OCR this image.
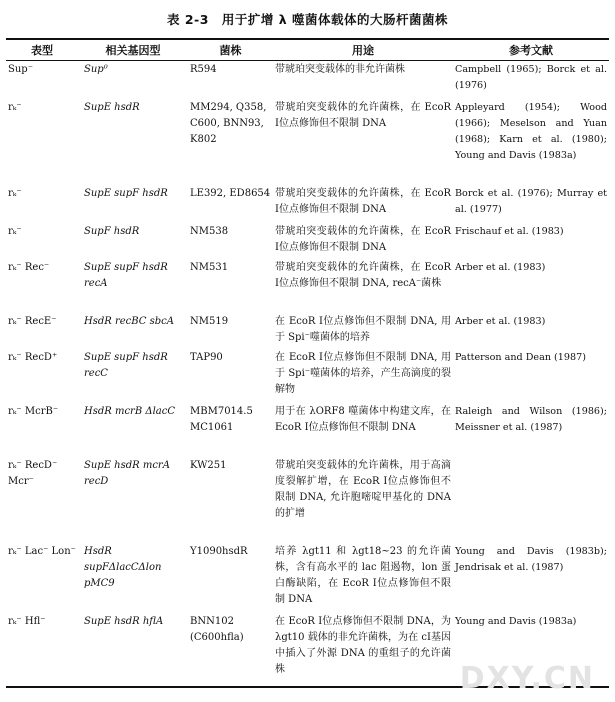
表 2-3　用于扩增 λ 噬菌体载体的大肠杆菌菌株
表型	相关基因型	菌株	用途	参考文献
Sup⁻	Sup⁰	R594	带琥珀突变载体的非允许菌株	Campbell (1965); Borck et al. (1976)
rₖ⁻	SupE hsdR	MM294, Q358, C600, BNN93, K802	带琥珀突变载体的允许菌株，在 EcoR Ⅰ位点修饰但不限制 DNA	Appleyard (1954); Wood (1966); Meselson and Yuan (1968); Karn et al. (1980); Young and Davis (1983a)
rₖ⁻	SupE supF hsdR	LE392, ED8654	带琥珀突变载体的允许菌株，在 EcoR Ⅰ位点修饰但不限制 DNA	Borck et al. (1976); Murray et al. (1977)
rₖ⁻	SupF hsdR	NM538	带琥珀突变载体的允许菌株，在 EcoR Ⅰ位点修饰但不限制 DNA	Frischauf et al. (1983)
rₖ⁻ Rec⁻	SupE supF hsdR recA	NM531	带琥珀突变载体的允许菌株，在 EcoR Ⅰ位点修饰但不限制 DNA, recA⁻菌株	Arber et al. (1983)
rₖ⁻ RecE⁻	HsdR recBC sbcA	NM519	在 EcoR Ⅰ位点修饰但不限制 DNA, 用于 Spi⁻噬菌体的培养	Arber et al. (1983)
rₖ⁻ RecD⁺	SupE supF hsdR recC	TAP90	在 EcoR Ⅰ位点修饰但不限制 DNA, 用于 Spi⁻噬菌体的培养，产生高滴度的裂解物	Patterson and Dean (1987)
rₖ⁻ McrB⁻	HsdR mcrB ΔlacC	MBM7014.5 MC1061	用于在 λORF8 噬菌体中构建文库，在 EcoR Ⅰ位点修饰但不限制 DNA	Raleigh and Wilson (1986); Meissner et al. (1987)
rₖ⁻ RecD⁻ Mcr⁻	SupE hsdR mcrA recD	KW251	带琥珀突变载体的允许菌株，用于高滴度裂解扩增，在 EcoR Ⅰ位点修饰但不限制 DNA, 允许胞嘧啶甲基化的 DNA 的扩增	
rₖ⁻ Lac⁻ Lon⁻	HsdR supFΔlacCΔlon pMC9	Y1090hsdR	培养 λgt11 和 λgt18~23 的允许菌株，含有高水平的 lac 阻遏物，lon 蛋白酶缺陷，在 EcoR Ⅰ位点修饰但不限制 DNA	Young and Davis (1983b); Jendrisak et al. (1987)
rₖ⁻ Hfl⁻	SupE hsdR hflA	BNN102 (C600hfla)	在 EcoR Ⅰ位点修饰但不限制 DNA，为 λgt10 载体的非允许菌株，为在 cⅠ基因中插入了外源 DNA 的重组子的允许菌株	Young and Davis (1983a)
DXY.CN
